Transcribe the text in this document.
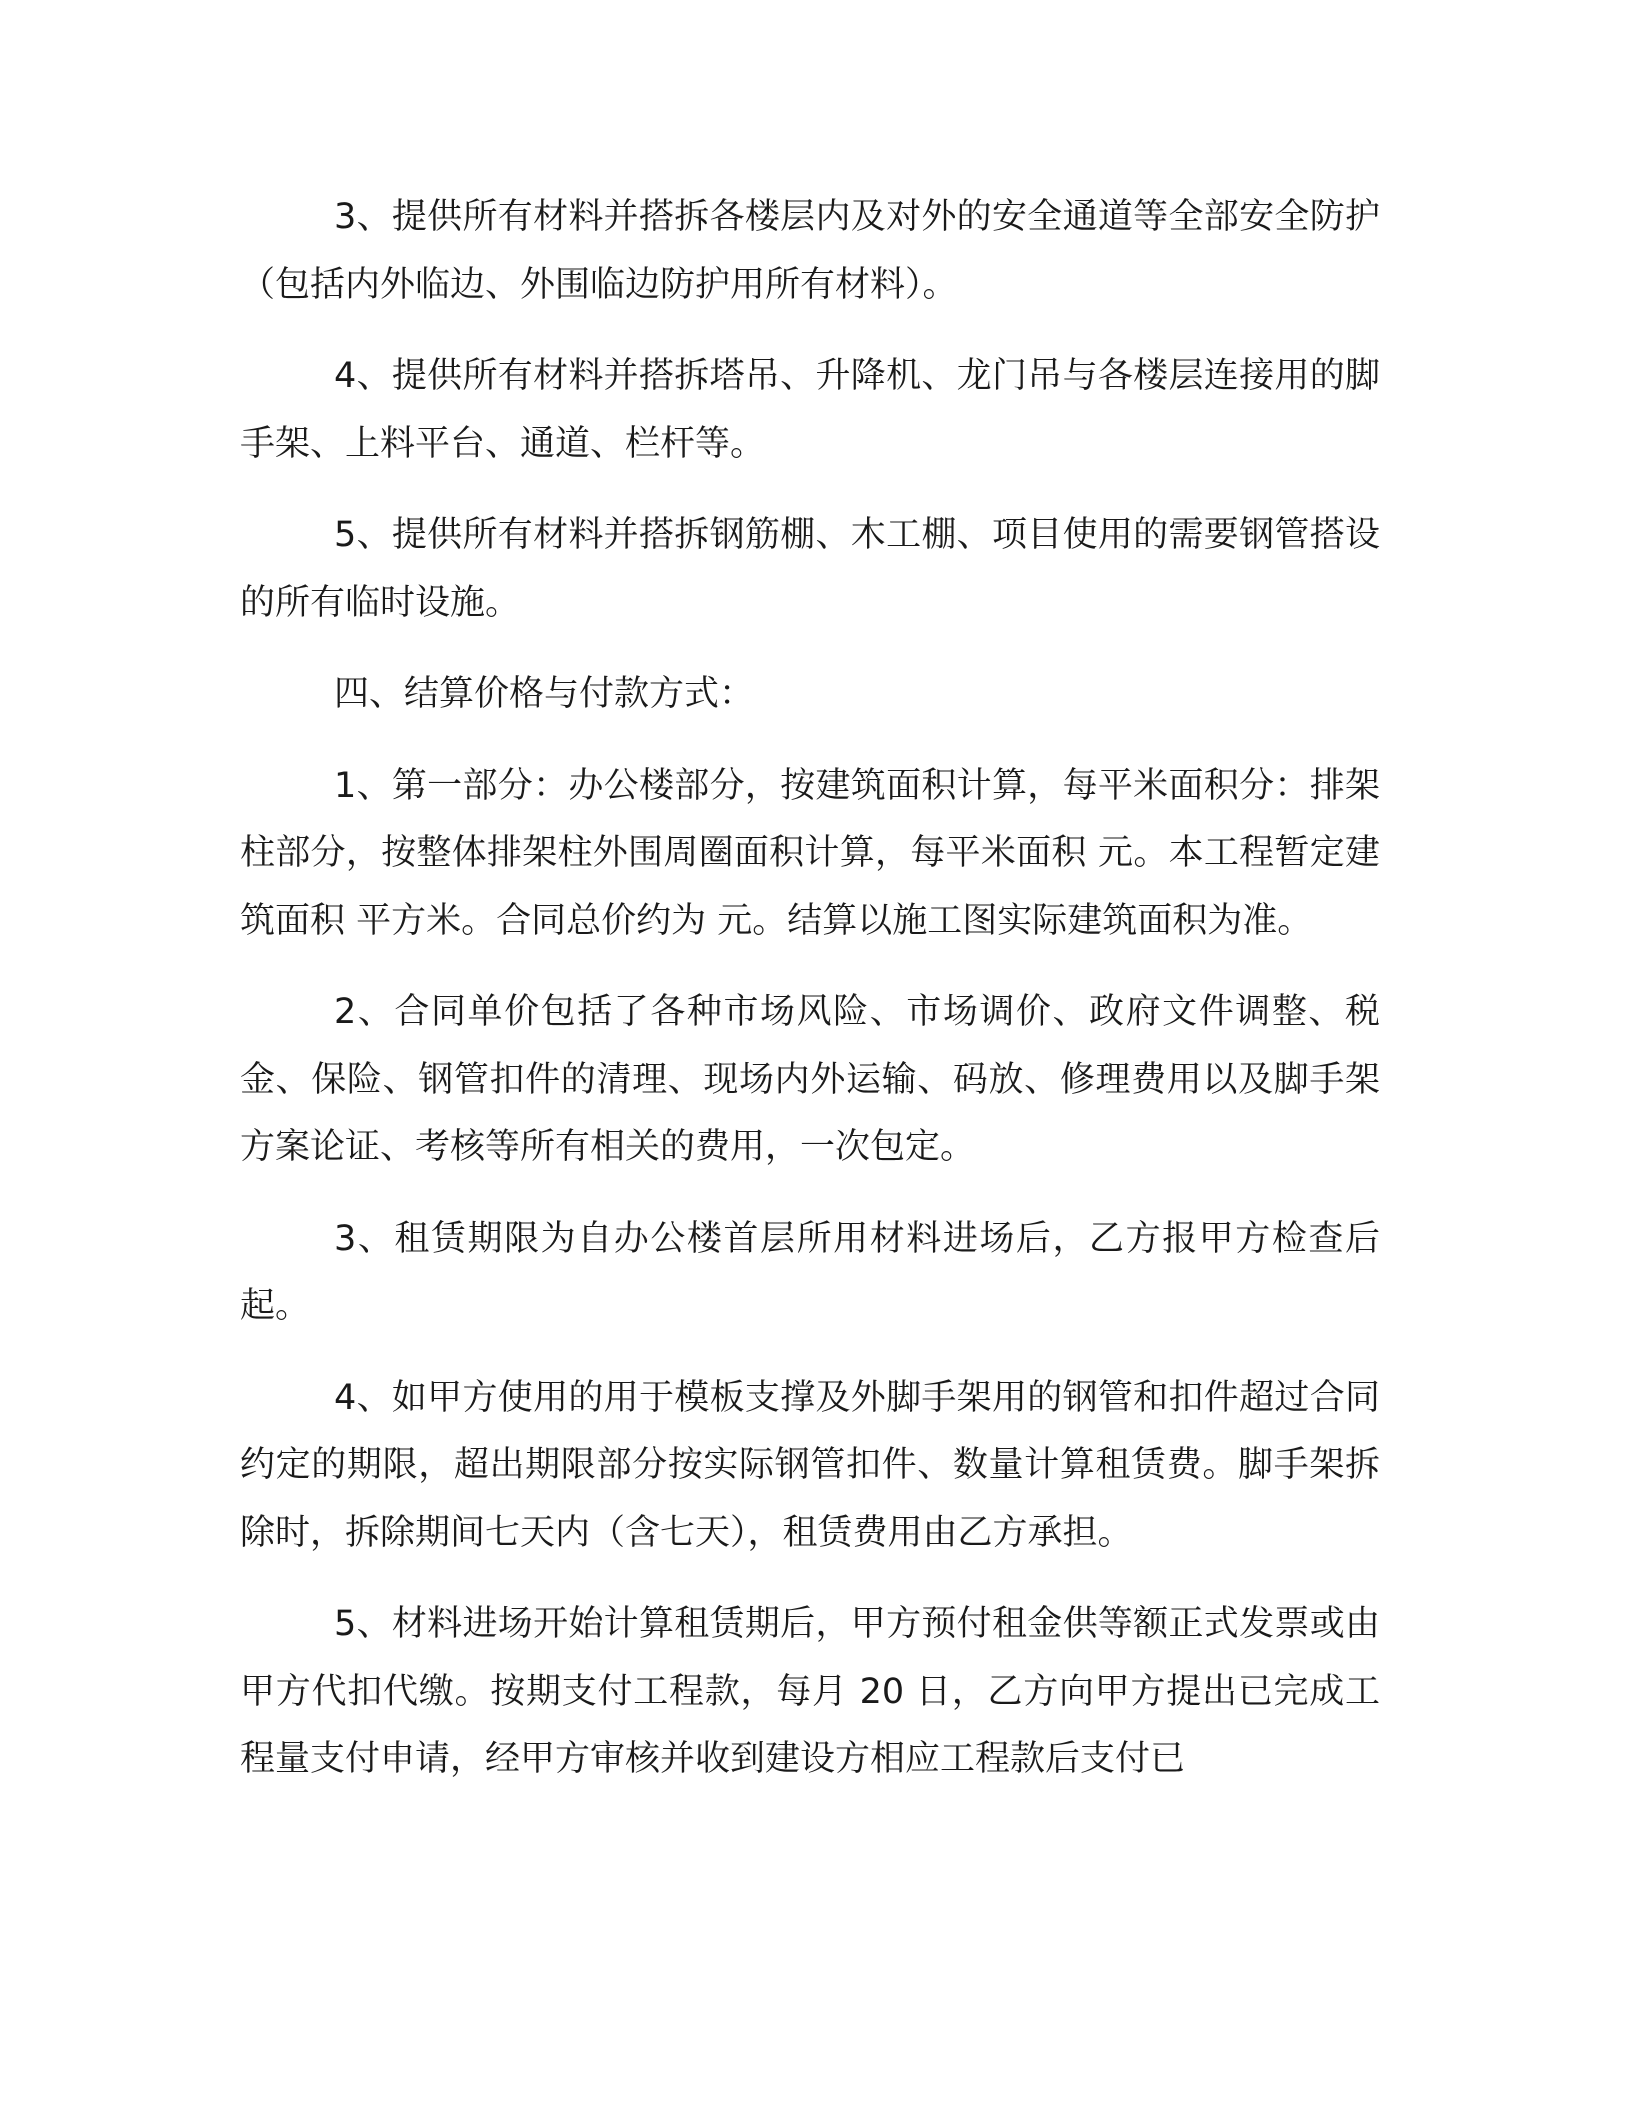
3、提供所有材料并搭拆各楼层内及对外的安全通道等全部安全防护（包括内外临边、外围临边防护用所有材料）。

4、提供所有材料并搭拆塔吊、升降机、龙门吊与各楼层连接用的脚手架、上料平台、通道、栏杆等。

5、提供所有材料并搭拆钢筋棚、木工棚、项目使用的需要钢管搭设的所有临时设施。

四、结算价格与付款方式：

1、第一部分：办公楼部分，按建筑面积计算，每平米面积分：排架柱部分，按整体排架柱外围周圈面积计算，每平米面积 元。本工程暂定建筑面积 平方米。合同总价约为 元。结算以施工图实际建筑面积为准。

2、合同单价包括了各种市场风险、市场调价、政府文件调整、税金、保险、钢管扣件的清理、现场内外运输、码放、修理费用以及脚手架方案论证、考核等所有相关的费用，一次包定。

3、租赁期限为自办公楼首层所用材料进场后，乙方报甲方检查后起。

4、如甲方使用的用于模板支撑及外脚手架用的钢管和扣件超过合同约定的期限，超出期限部分按实际钢管扣件、数量计算租赁费。脚手架拆除时，拆除期间七天内（含七天），租赁费用由乙方承担。

5、材料进场开始计算租赁期后，甲方预付租金供等额正式发票或由甲方代扣代缴。按期支付工程款，每月 20 日，乙方向甲方提出已完成工程量支付申请，经甲方审核并收到建设方相应工程款后支付已
